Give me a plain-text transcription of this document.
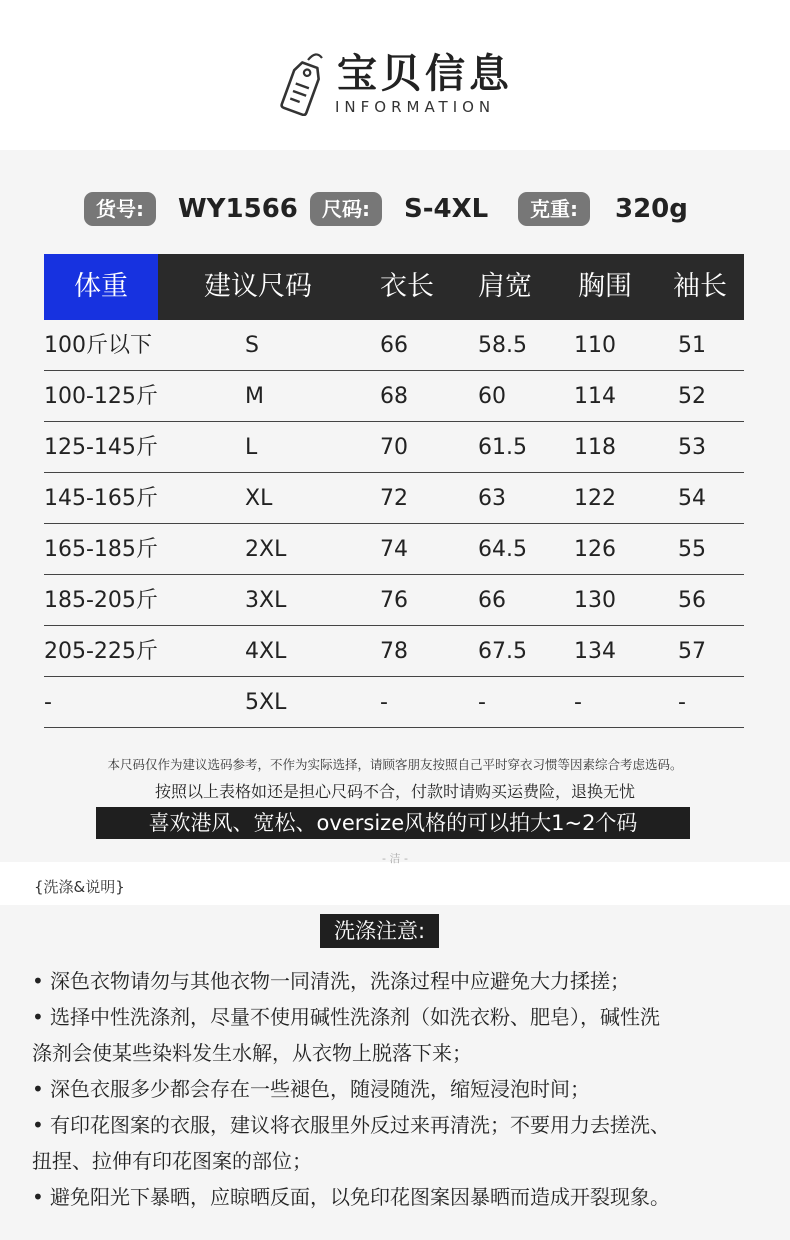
宝贝信息
INFORMATION
货号:	WY1566	尺码:	S-4XL	克重:	320g
体重	建议尺码	衣长	肩宽	胸围	袖长
100斤以下	S	66	58.5	110	51
100-125斤	M	68	60	114	52
125-145斤	L	70	61.5	118	53
145-165斤	XL	72	63	122	54
165-185斤	2XL	74	64.5	126	55
185-205斤	3XL	76	66	130	56
205-225斤	4XL	78	67.5	134	57
-	5XL	-	-	-	-
本尺码仅作为建议选码参考，不作为实际选择，请顾客朋友按照自己平时穿衣习惯等因素综合考虑选码。
按照以上表格如还是担心尺码不合，付款时请购买运费险，退换无忧
喜欢港风、宽松、oversize风格的可以拍大1~2个码
- 洁 -
{洗涤&说明}
洗涤注意:
• 深色衣物请勿与其他衣物一同清洗，洗涤过程中应避免大力揉搓；
• 选择中性洗涤剂，尽量不使用碱性洗涤剂（如洗衣粉、肥皂），碱性洗
涤剂会使某些染料发生水解，从衣物上脱落下来；
• 深色衣服多少都会存在一些褪色，随浸随洗，缩短浸泡时间；
• 有印花图案的衣服，建议将衣服里外反过来再清洗；不要用力去搓洗、
扭捏、拉伸有印花图案的部位；
• 避免阳光下暴晒，应晾晒反面，以免印花图案因暴晒而造成开裂现象。
